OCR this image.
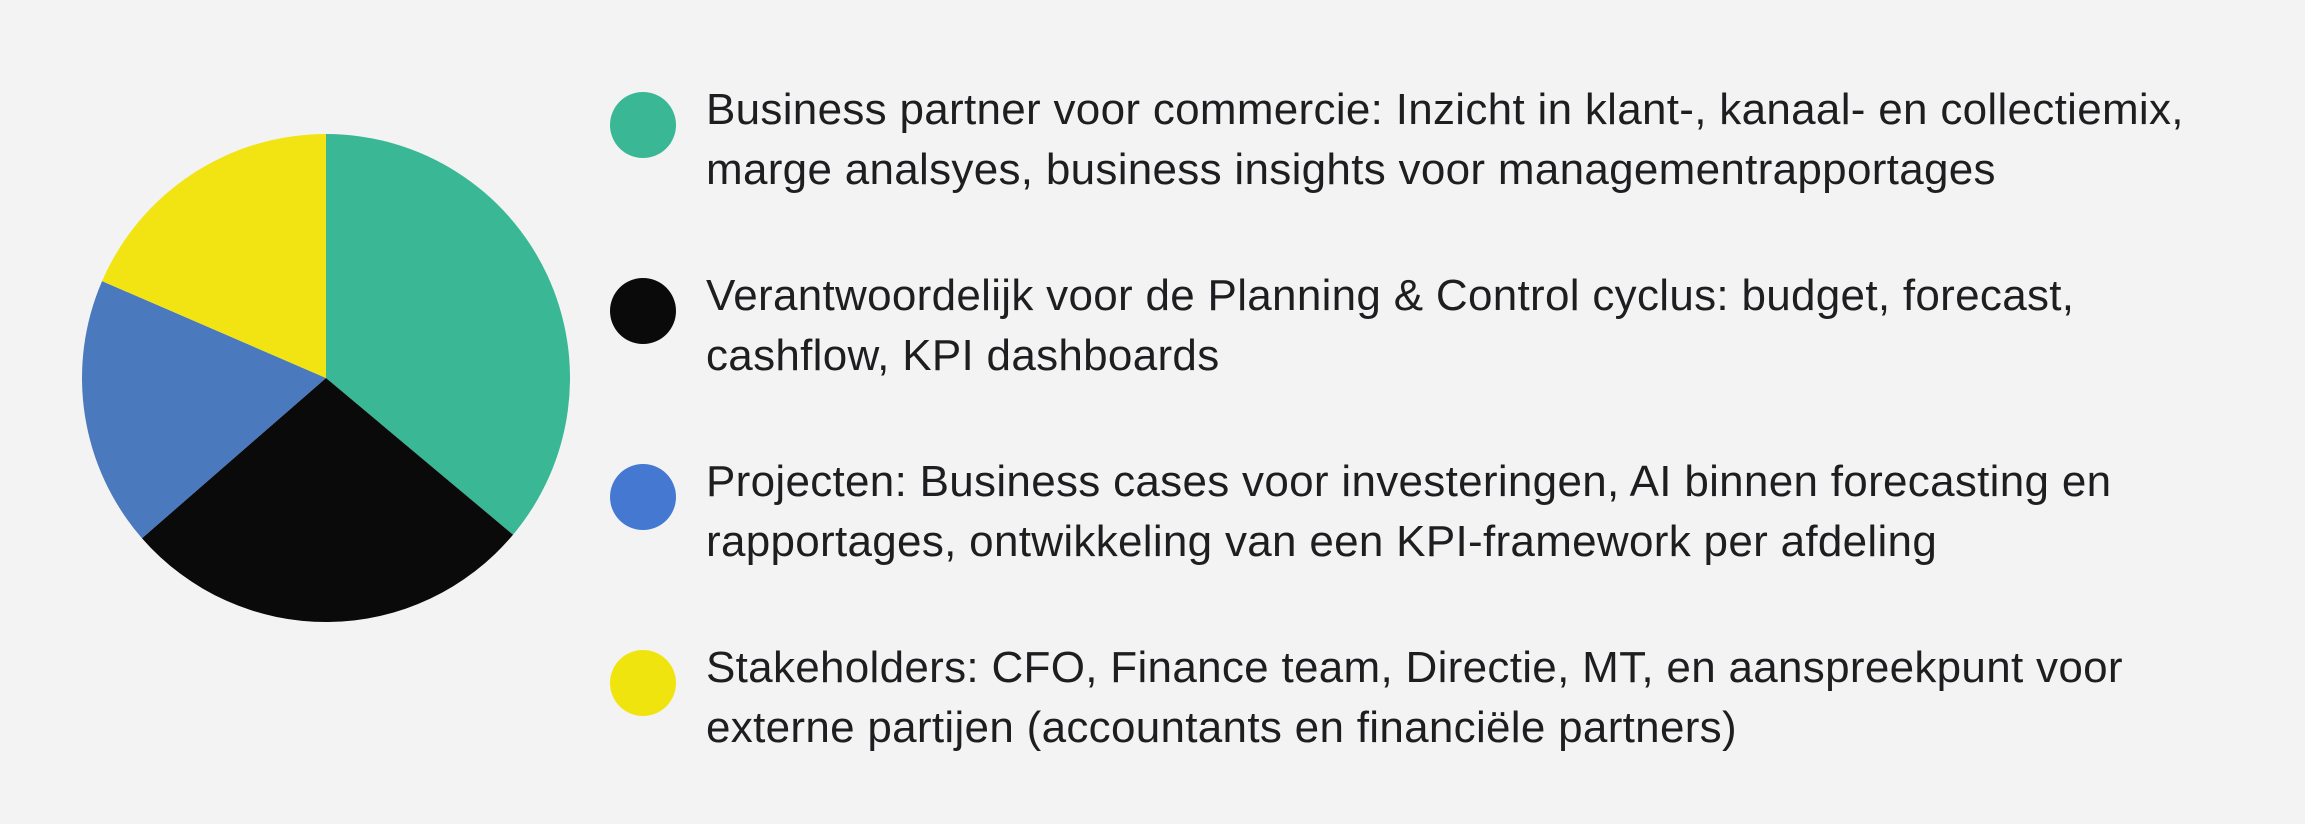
Business partner voor commercie: Inzicht in klant-, kanaal- en collectiemix,
marge analsyes, business insights voor managementrapportages
Verantwoordelijk voor de Planning & Control cyclus: budget, forecast,
cashflow, KPI dashboards
Projecten: Business cases voor investeringen, AI binnen forecasting en
rapportages, ontwikkeling van een KPI-framework per afdeling
Stakeholders: CFO, Finance team, Directie, MT, en aanspreekpunt voor
externe partijen (accountants en financiële partners)
